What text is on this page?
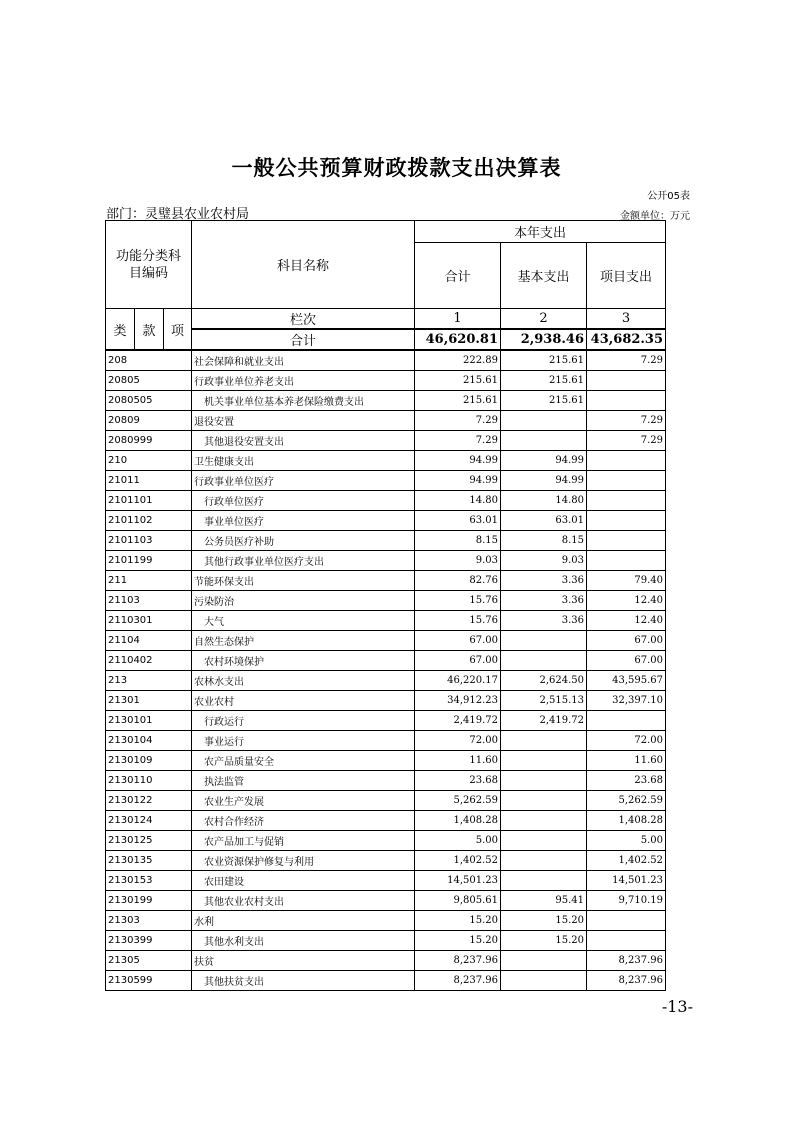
一般公共预算财政拨款支出决算表
公开05表
部门：灵璧县农业农村局	金额单位：万元
功能分类科目编码			科目名称	本年支出		
				合计	基本支出	项目支出
类	款	项	栏次	1	2	3
			合计	46,620.81	2,938.46	43,682.35
208			社会保障和就业支出	222.89	215.61	7.29
20805			行政事业单位养老支出	215.61	215.61	
2080505			机关事业单位基本养老保险缴费支出	215.61	215.61	
20809			退役安置	7.29		7.29
2080999			其他退役安置支出	7.29		7.29
210			卫生健康支出	94.99	94.99	
21011			行政事业单位医疗	94.99	94.99	
2101101			行政单位医疗	14.80	14.80	
2101102			事业单位医疗	63.01	63.01	
2101103			公务员医疗补助	8.15	8.15	
2101199			其他行政事业单位医疗支出	9.03	9.03	
211			节能环保支出	82.76	3.36	79.40
21103			污染防治	15.76	3.36	12.40
2110301			大气	15.76	3.36	12.40
21104			自然生态保护	67.00		67.00
2110402			农村环境保护	67.00		67.00
213			农林水支出	46,220.17	2,624.50	43,595.67
21301			农业农村	34,912.23	2,515.13	32,397.10
2130101			行政运行	2,419.72	2,419.72	
2130104			事业运行	72.00		72.00
2130109			农产品质量安全	11.60		11.60
2130110			执法监管	23.68		23.68
2130122			农业生产发展	5,262.59		5,262.59
2130124			农村合作经济	1,408.28		1,408.28
2130125			农产品加工与促销	5.00		5.00
2130135			农业资源保护修复与利用	1,402.52		1,402.52
2130153			农田建设	14,501.23		14,501.23
2130199			其他农业农村支出	9,805.61	95.41	9,710.19
21303			水利	15.20	15.20	
2130399			其他水利支出	15.20	15.20	
21305			扶贫	8,237.96		8,237.96
2130599			其他扶贫支出	8,237.96		8,237.96
-13-
